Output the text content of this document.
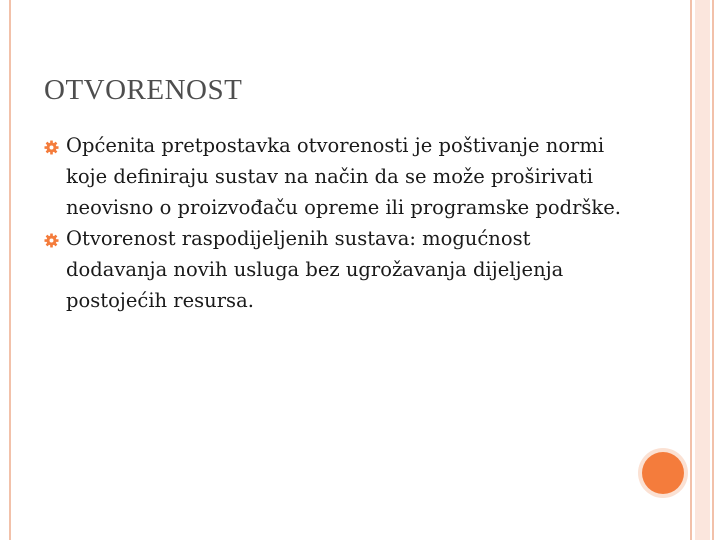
OTVORENOST

Općenita pretpostavka otvorenosti je poštivanje normi koje definiraju sustav na način da se može proširivati neovisno o proizvođaču opreme ili programske podrške.

Otvorenost raspodijeljenih sustava: mogućnost dodavanja novih usluga bez ugrožavanja dijeljenja postojećih resursa.
